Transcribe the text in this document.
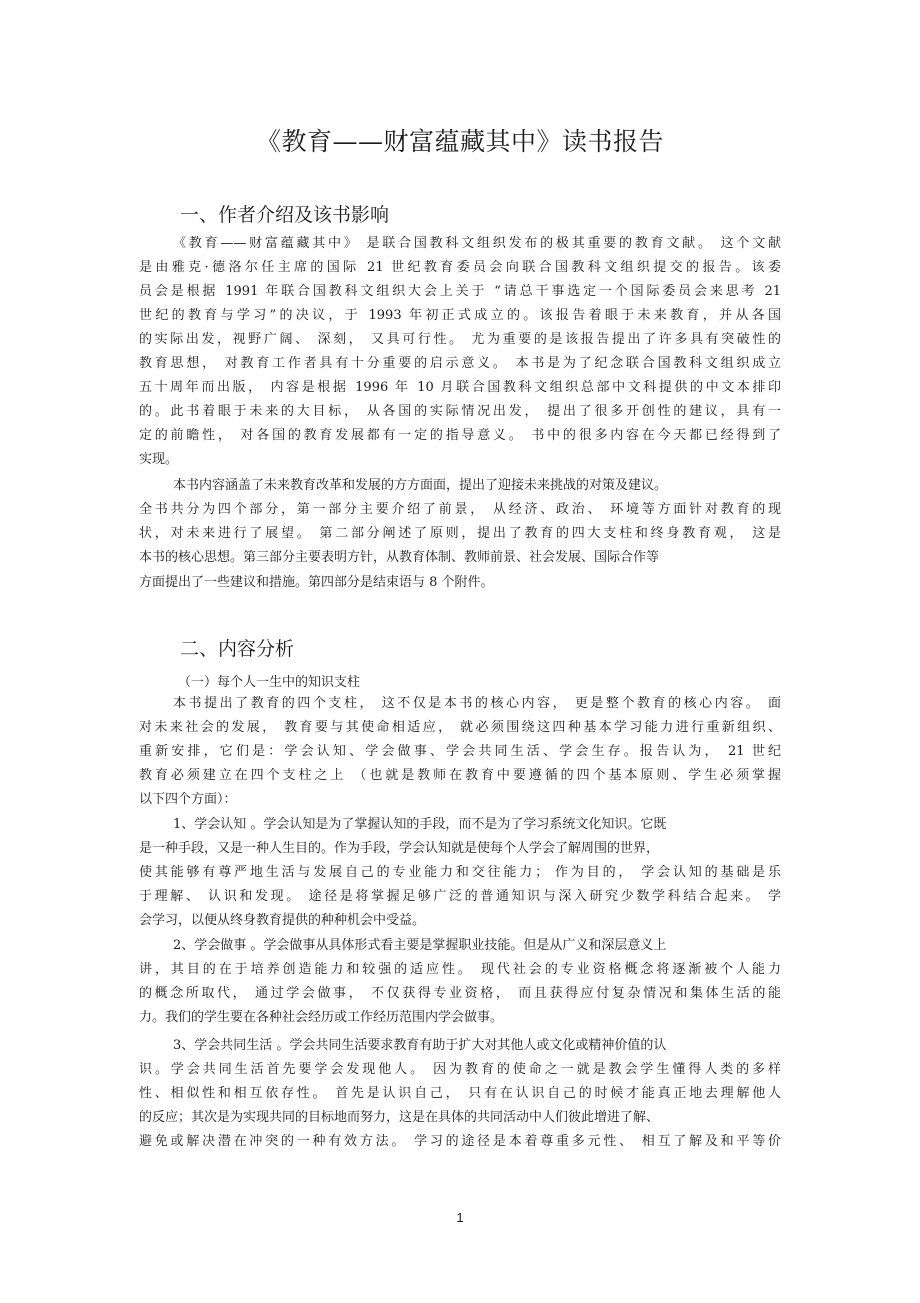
《教育——财富蕴藏其中》读书报告
一、作者介绍及该书影响
《教育——财富蕴藏其中》 是联合国教科文组织发布的极其重要的教育文献。 这个文献
是由雅克·德洛尔任主席的国际 21 世纪教育委员会向联合国教科文组织提交的报告。该委
员会是根据 1991 年联合国教科文组织大会上关于 “请总干事选定一个国际委员会来思考 21
世纪的教育与学习”的决议，于 1993 年初正式成立的。该报告着眼于未来教育，并从各国
的实际出发，视野广阔、 深刻， 又具可行性。 尤为重要的是该报告提出了许多具有突破性的
教育思想， 对教育工作者具有十分重要的启示意义。 本书是为了纪念联合国教科文组织成立
五十周年而出版， 内容是根据 1996 年 10 月联合国教科文组织总部中文科提供的中文本排印
的。此书着眼于未来的大目标， 从各国的实际情况出发， 提出了很多开创性的建议，具有一
定的前瞻性， 对各国的教育发展都有一定的指导意义。 书中的很多内容在今天都已经得到了
实现。
本书内容涵盖了未来教育改革和发展的方方面面，提出了迎接未来挑战的对策及建议。
全书共分为四个部分，第一部分主要介绍了前景， 从经济、政治、 环境等方面针对教育的现
状，对未来进行了展望。 第二部分阐述了原则，提出了教育的四大支柱和终身教育观， 这是
本书的核心思想。第三部分主要表明方针，从教育体制、教师前景、社会发展、国际合作等
方面提出了一些建议和措施。第四部分是结束语与 8 个附件。
二、内容分析
（一）每个人一生中的知识支柱
本书提出了教育的四个支柱， 这不仅是本书的核心内容， 更是整个教育的核心内容。 面
对未来社会的发展， 教育要与其使命相适应， 就必须围绕这四种基本学习能力进行重新组织、
重新安排，它们是：学会认知、学会做事、学会共同生活、学会生存。报告认为， 21 世纪
教育必须建立在四个支柱之上 （也就是教师在教育中要遵循的四个基本原则、学生必须掌握
以下四个方面）：
1、学会认知 。学会认知是为了掌握认知的手段，而不是为了学习系统文化知识。它既
是一种手段，又是一种人生目的。作为手段，学会认知就是使每个人学会了解周围的世界，
使其能够有尊严地生活与发展自己的专业能力和交往能力； 作为目的， 学会认知的基础是乐
于理解、 认识和发现。 途径是将掌握足够广泛的普通知识与深入研究少数学科结合起来。 学
会学习，以便从终身教育提供的种种机会中受益。
2、学会做事 。学会做事从具体形式看主要是掌握职业技能。但是从广义和深层意义上
讲，其目的在于培养创造能力和较强的适应性。 现代社会的专业资格概念将逐渐被个人能力
的概念所取代， 通过学会做事， 不仅获得专业资格， 而且获得应付复杂情况和集体生活的能
力。我们的学生要在各种社会经历或工作经历范围内学会做事。
3、学会共同生活 。学会共同生活要求教育有助于扩大对其他人或文化或精神价值的认
识。学会共同生活首先要学会发现他人。 因为教育的使命之一就是教会学生懂得人类的多样
性、相似性和相互依存性。 首先是认识自己， 只有在认识自己的时候才能真正地去理解他人
的反应；其次是为实现共同的目标地而努力，这是在具体的共同活动中人们彼此增进了解、
避免或解决潜在冲突的一种有效方法。 学习的途径是本着尊重多元性、 相互了解及和平等价
1
